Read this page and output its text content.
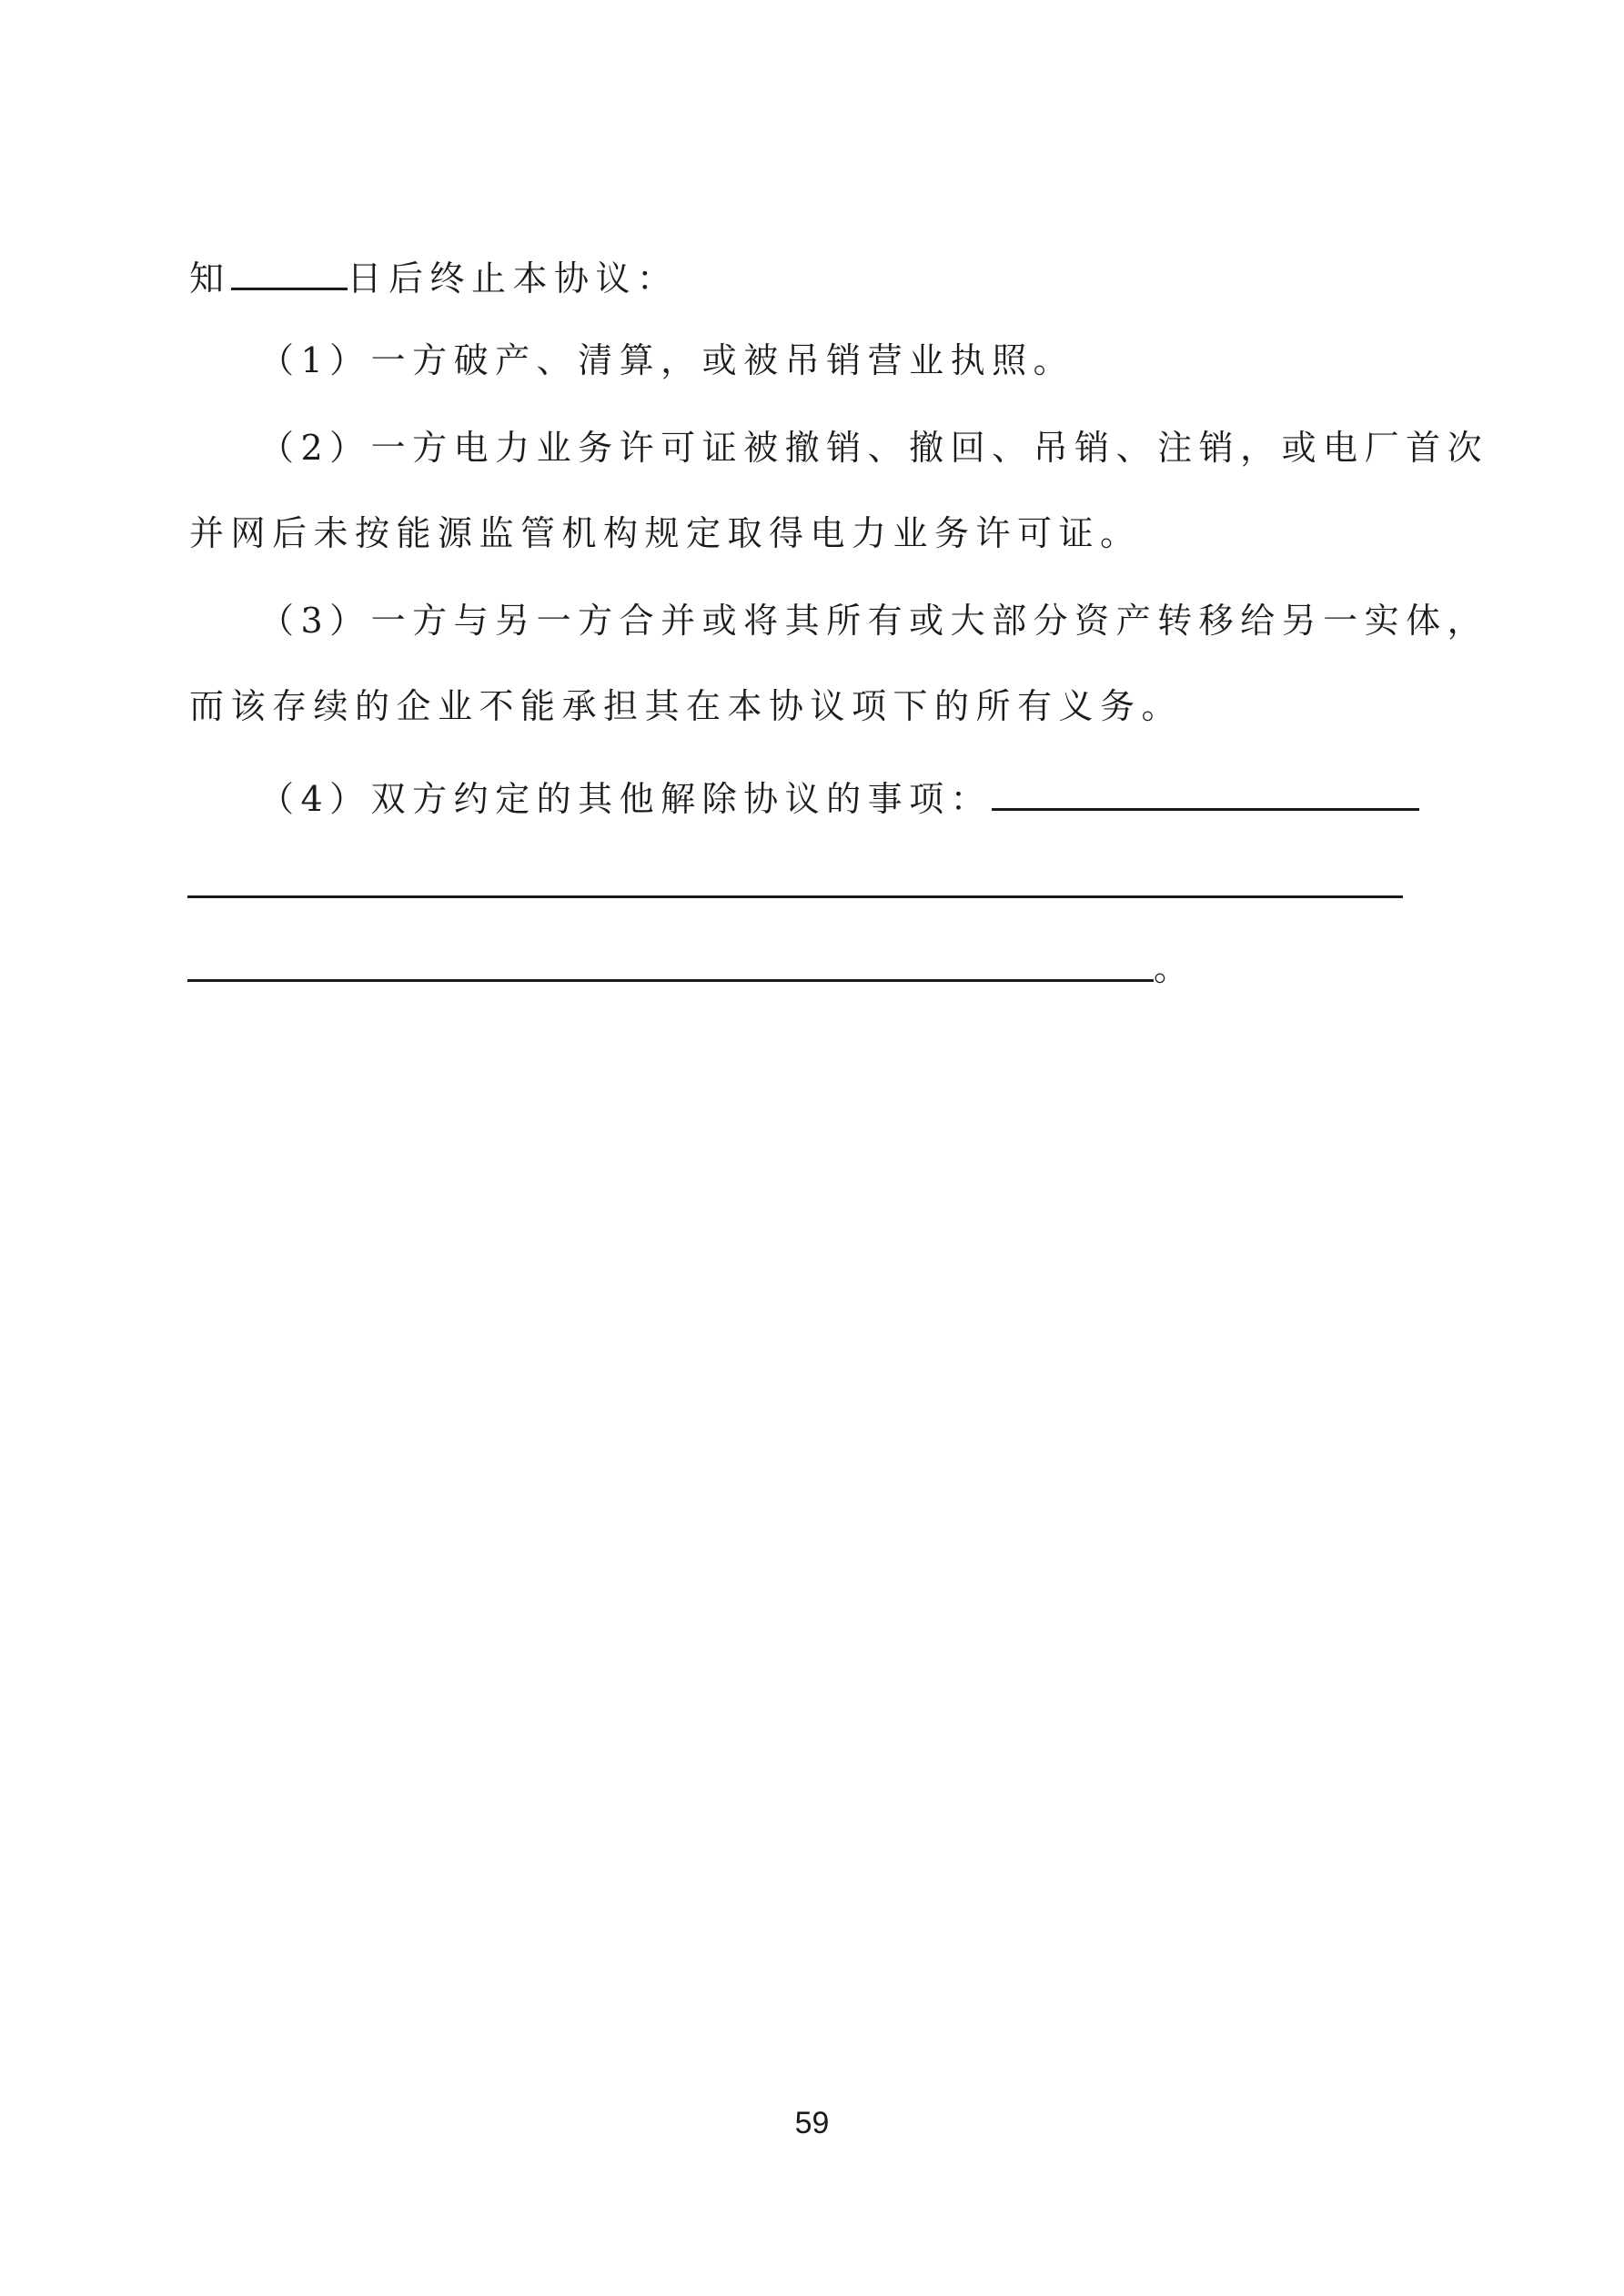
知	日后终止本协议：
（1）一方破产、清算，或被吊销营业执照。
（2）一方电力业务许可证被撤销、撤回、吊销、注销，或电厂首次
并网后未按能源监管机构规定取得电力业务许可证。
（3）一方与另一方合并或将其所有或大部分资产转移给另一实体，
而该存续的企业不能承担其在本协议项下的所有义务。
（4）双方约定的其他解除协议的事项：
。
59
